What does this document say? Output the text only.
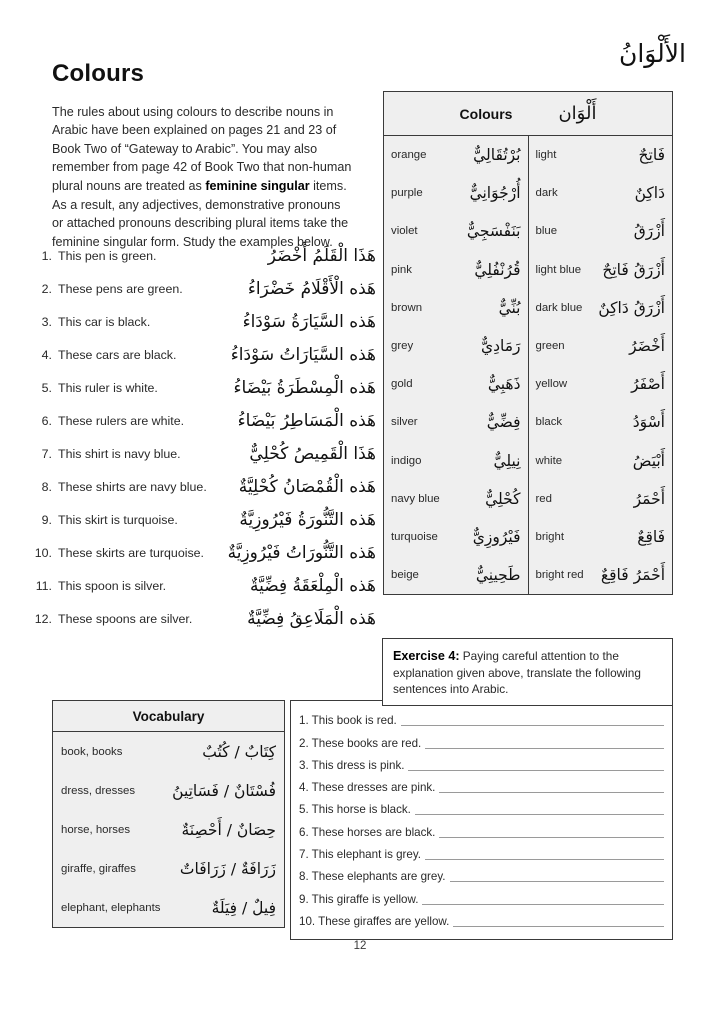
Colours
الأَلْوَانُ

The rules about using colours to describe nouns in Arabic have been explained on pages 21 and 23 of Book Two of “Gateway to Arabic”. You may also remember from page 42 of Book Two that non-human plural nouns are treated as feminine singular items. As a result, any adjectives, demonstrative pronouns or attached pronouns describing plural items take the feminine singular form. Study the examples below.

1. This pen is green.	هَذَا الْقَلَمُ أَخْضَرُ
2. These pens are green.	هَذه الْأَقْلَامُ خَضْرَاءُ
3. This car is black.	هَذه السَّيَارَةُ سَوْدَاءُ
4. These cars are black.	هَذه السَّيَارَاتُ سَوْدَاءُ
5. This ruler is white.	هَذه الْمِسْطَرَةُ بَيْضَاءُ
6. These rulers are white.	هَذه الْمَسَاطِرُ بَيْضَاءُ
7. This shirt is navy blue.	هَذَا الْقَمِيصُ كُحْلِيٌّ
8. These shirts are navy blue. هَذه الْقُمْصَانُ كُحْلِيَّةٌ
9. This skirt is turquoise.	هَذه التَّنُّورَةُ فَيْرُوزِيَّةٌ
10. These skirts are turquoise. هَذه التَّنُّورَاتُ فَيْرُوزِيَّةٌ
11. This spoon is silver.	هَذه الْمِلْعَقَةُ فِضِّيَّةٌ
12. These spoons are silver.	هَذه الْمَلَاعِقُ فِضِّيَّةٌ
Colours	أَلْوَان
orange	بُرْتُقَالِيٌّ
purple	أُرْجُوَانِيٌّ
violet	بَنَفْسَجِيٌّ
pink	قُرُنْفُلِيٌّ
brown	بُنِّيٌّ
grey	رَمَادِيٌّ
gold	ذَهَبِيٌّ
silver	فِضِّيٌّ
indigo	نِيلِيٌّ
navy blue	كُحْلِيٌّ
turquoise	فَيْرُوزِيٌّ
beige	طَحِينِيٌّ
light	فَاتِحٌ
dark	دَاكِنٌ
blue	أَزْرَقُ
light blue	أَزْرَقُ فَاتِحٌ
dark blue	أَزْرَقُ دَاكِنٌ
green	أَخْضَرُ
yellow	أَصْفَرُ
black	أَسْوَدُ
white	أَبْيَضُ
red	أَحْمَرُ
bright	فَاقِعٌ
bright red	أَحْمَرُ فَاقِعٌ
Vocabulary
book, books	كِتَابٌ / كُتُبٌ
dress, dresses	فُسْتَانٌ / فَسَاتِينُ
horse, horses	حِصَانٌ / أَحْصِنَةٌ
giraffe, giraffes	زَرَافَةٌ / زَرَافَاتٌ
elephant, elephants	فِيلٌ / فِيَلَةٌ
1. This book is red.
2. These books are red.
3. This dress is pink.
4. These dresses are pink.
5. This horse is black.
6. These horses are black.
7. This elephant is grey.
8. These elephants are grey.
9. This giraffe is yellow.
10. These giraffes are yellow.
Exercise 4: Paying careful attention to the explanation given above, translate the following sentences into Arabic.
12
